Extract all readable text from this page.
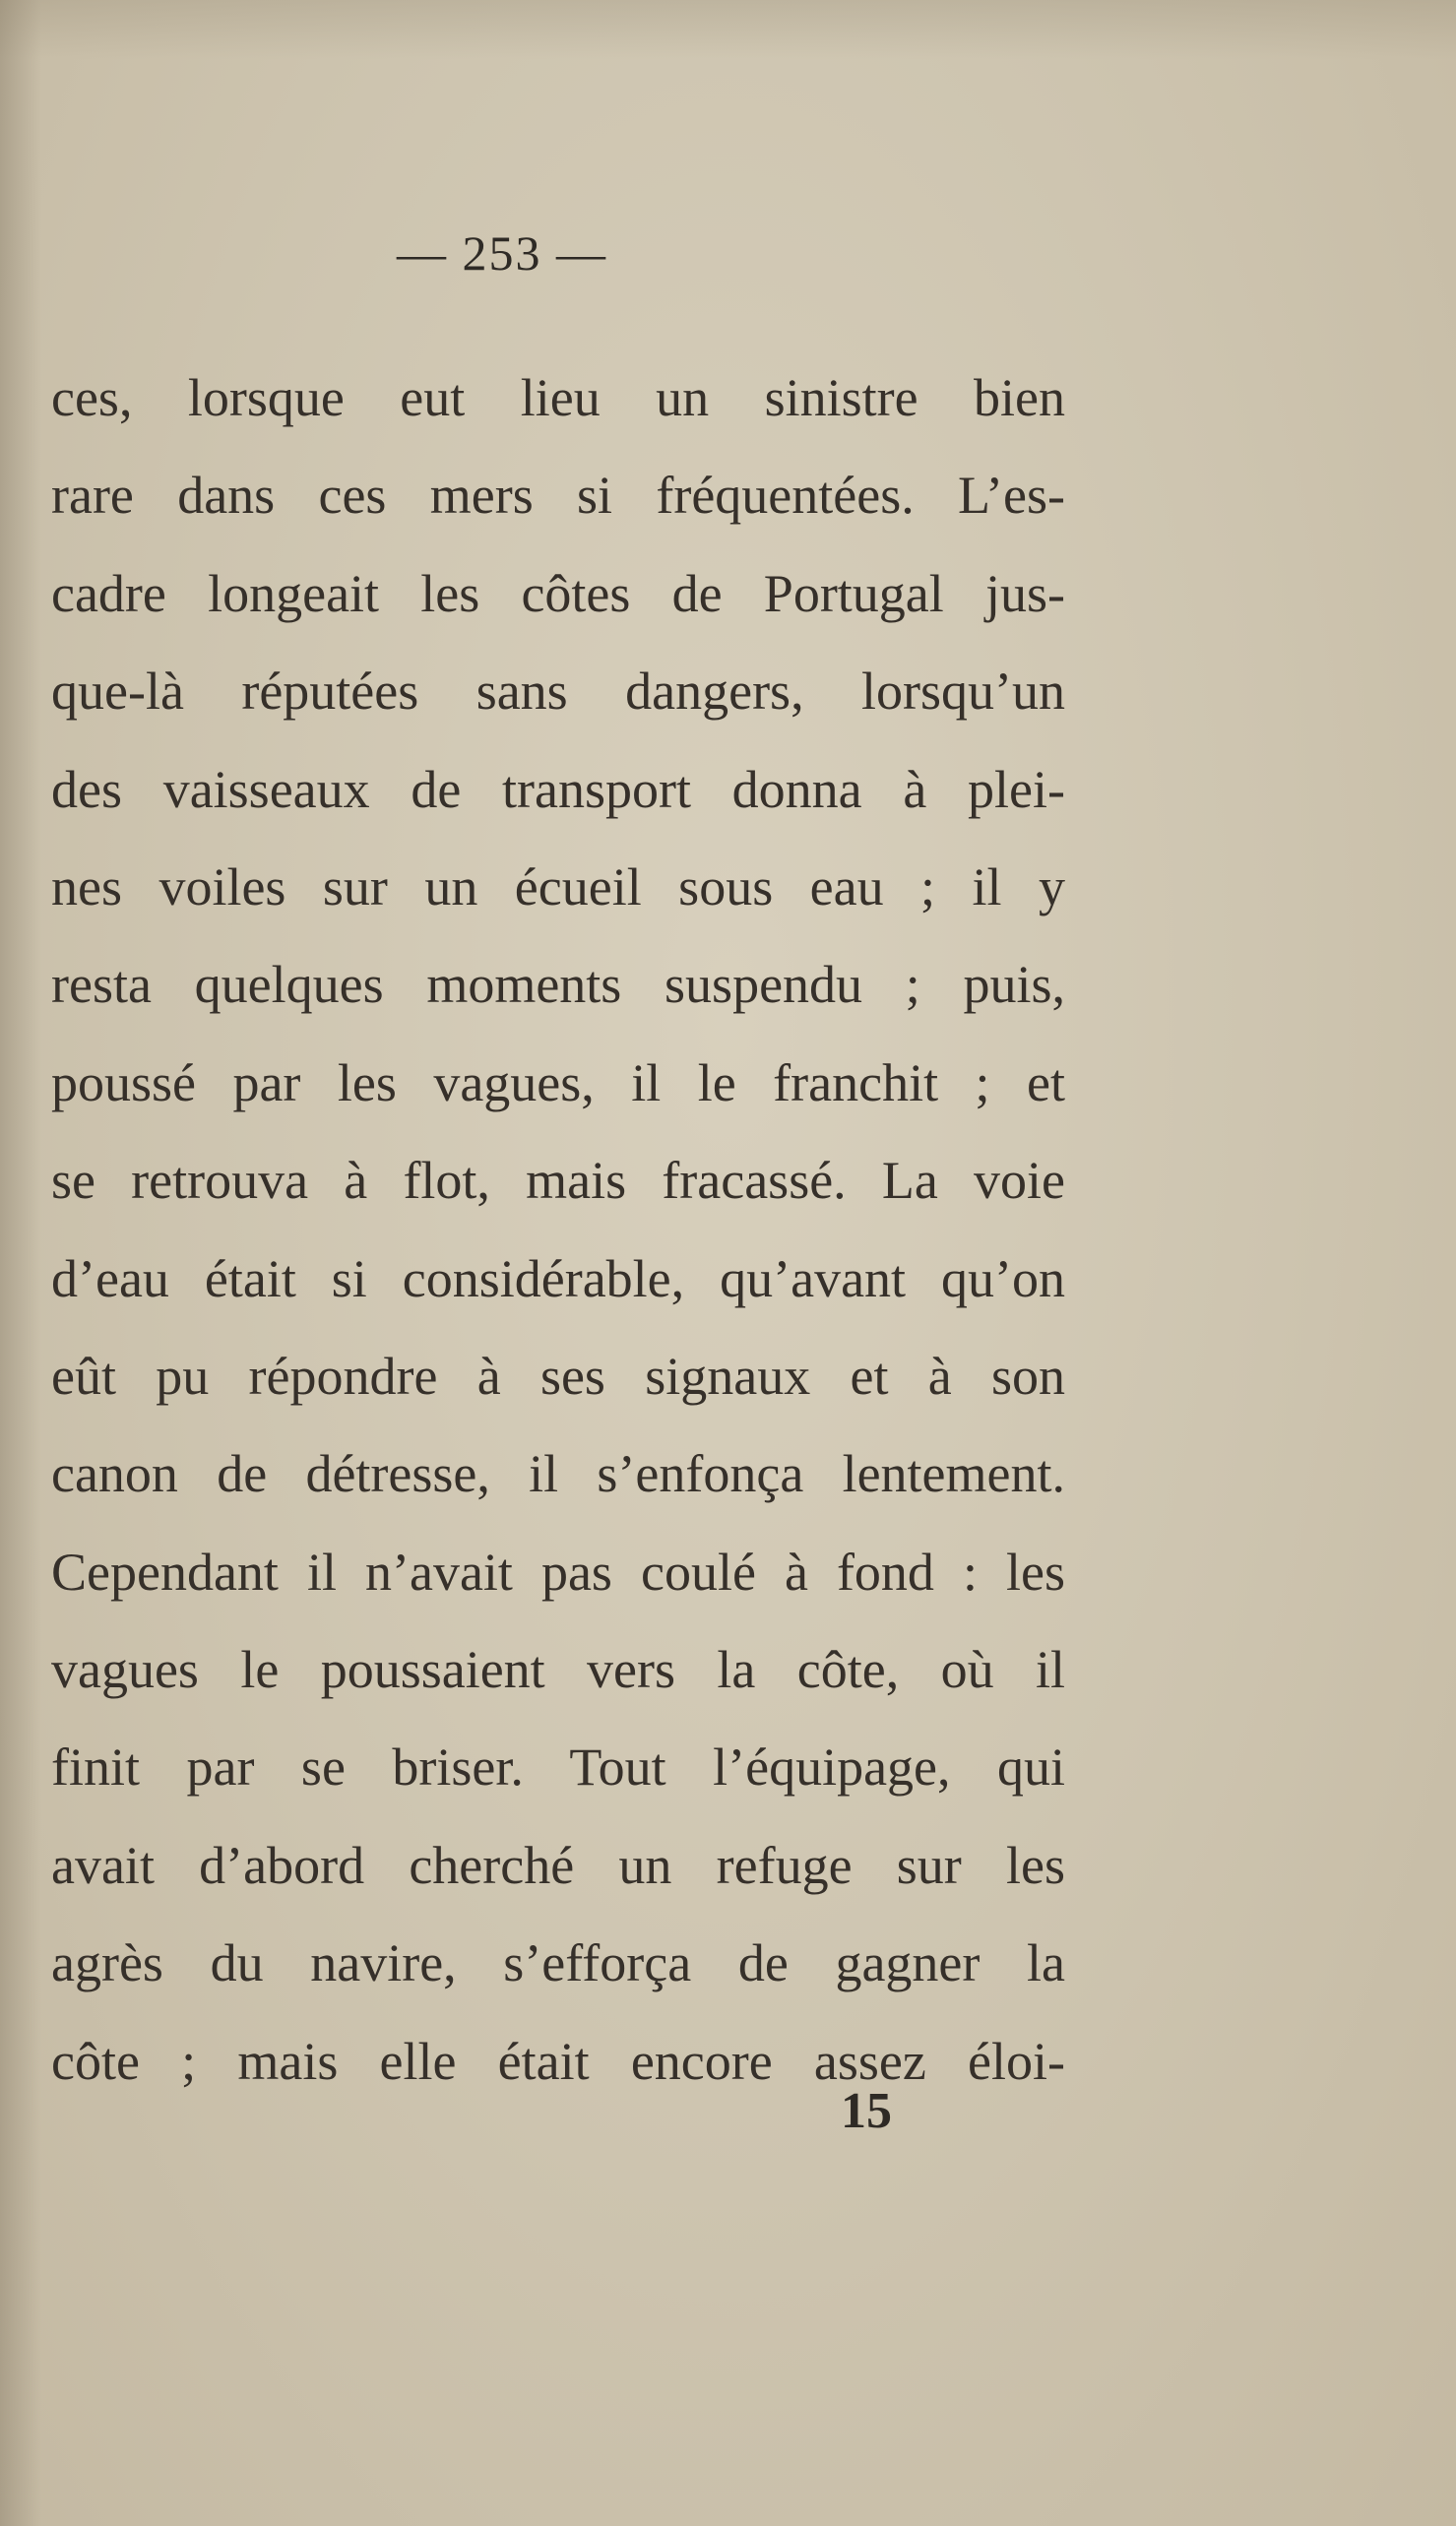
— 253 —
ces, lorsque eut lieu un sinistre bien
rare dans ces mers si fréquentées. L’es-
cadre longeait les côtes de Portugal jus-
que-là réputées sans dangers, lorsqu’un
des vaisseaux de transport donna à plei-
nes voiles sur un écueil sous eau ; il y
resta quelques moments suspendu ; puis,
poussé par les vagues, il le franchit ; et
se retrouva à flot, mais fracassé. La voie
d’eau était si considérable, qu’avant qu’on
eût pu répondre à ses signaux et à son
canon de détresse, il s’enfonça lentement.
Cependant il n’avait pas coulé à fond : les
vagues le poussaient vers la côte, où il
finit par se briser. Tout l’équipage, qui
avait d’abord cherché un refuge sur les
agrès du navire, s’efforça de gagner la
côte ; mais elle était encore assez éloi-
15
